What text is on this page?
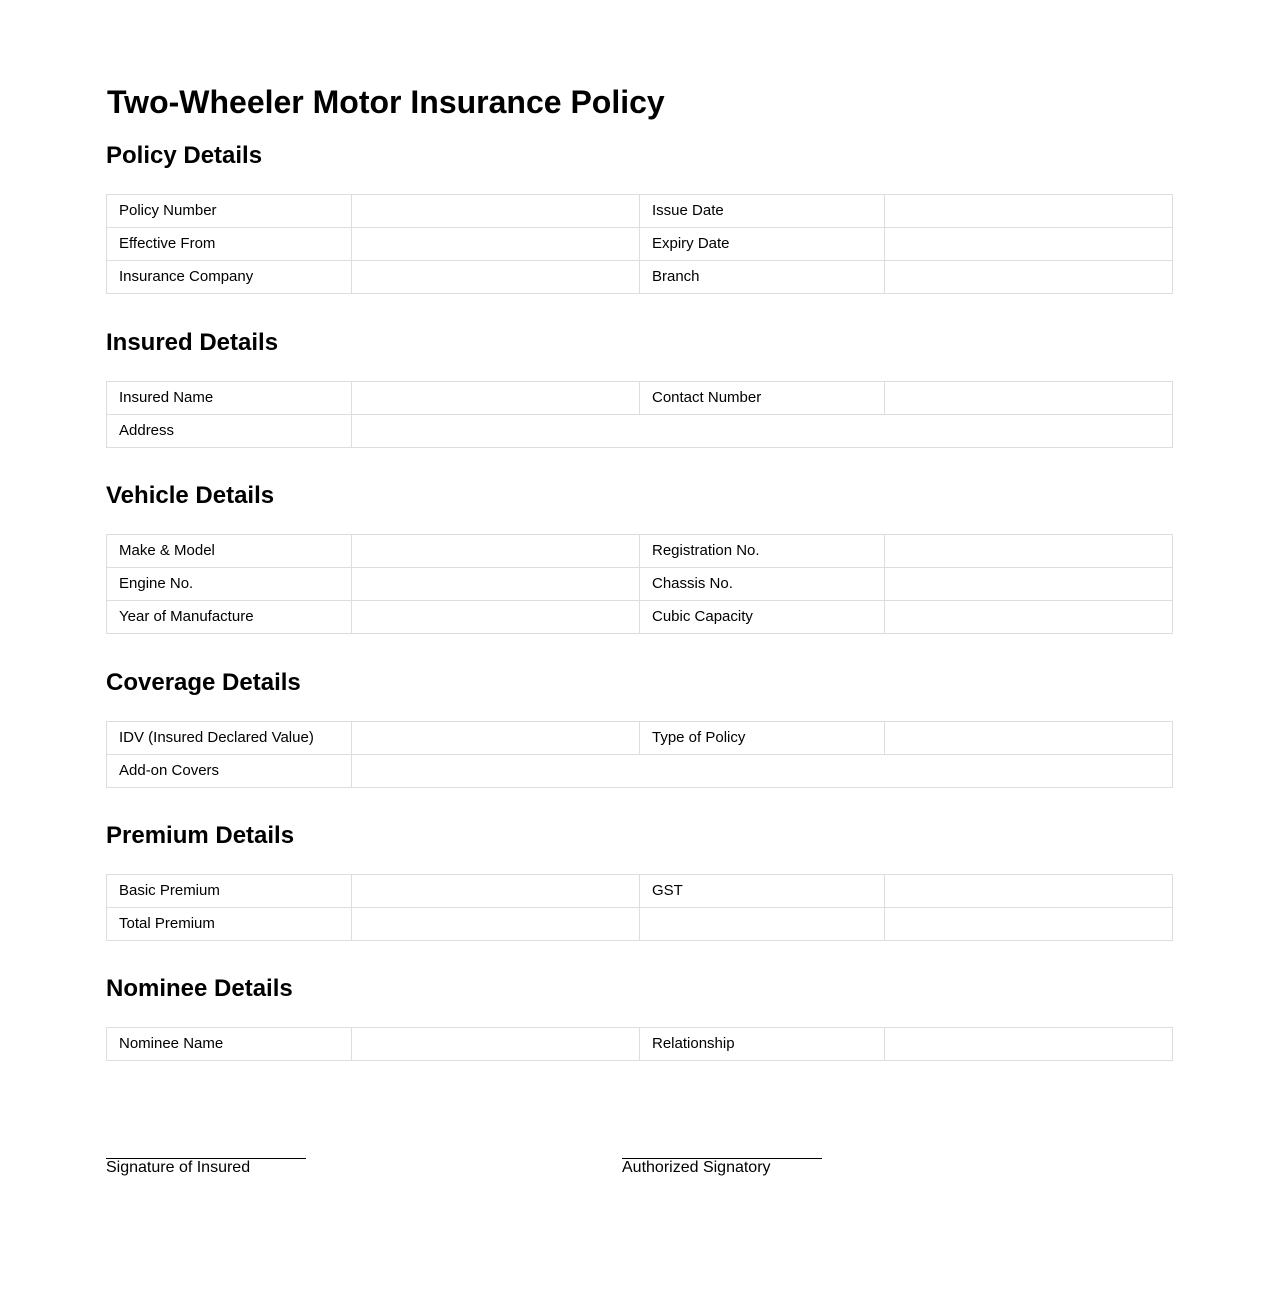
Two-Wheeler Motor Insurance Policy
Policy Details
Policy Number		Issue Date	
Effective From		Expiry Date	
Insurance Company		Branch	
Insured Details
Insured Name		Contact Number	
Address			
Vehicle Details
Make & Model		Registration No.	
Engine No.		Chassis No.	
Year of Manufacture		Cubic Capacity	
Coverage Details
IDV (Insured Declared Value)		Type of Policy	
Add-on Covers			
Premium Details
Basic Premium		GST	
Total Premium			
Nominee Details
Nominee Name		Relationship	
Signature of Insured	Authorized Signatory
